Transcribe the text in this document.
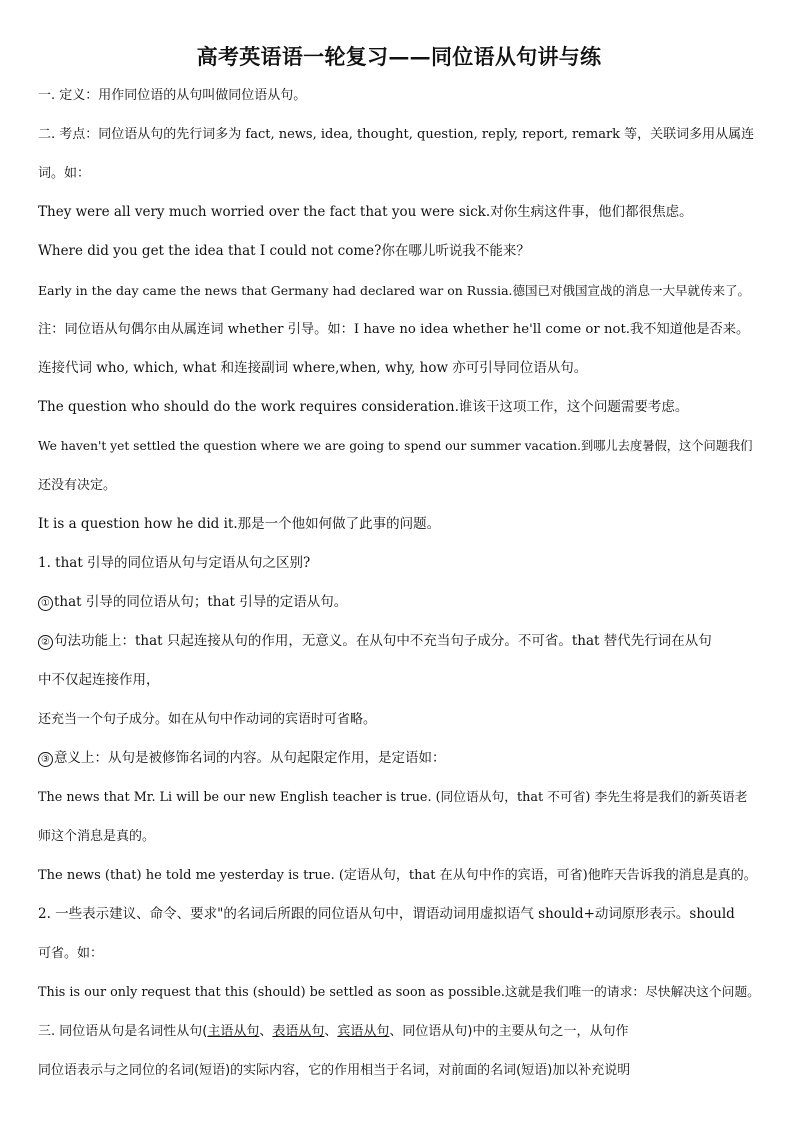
高考英语语一轮复习——同位语从句讲与练

一. 定义：用作同位语的从句叫做同位语从句。

二. 考点：同位语从句的先行词多为 fact, news, idea, thought, question, reply, report, remark 等，关联词多用从属连

词。如：

They were all very much worried over the fact that you were sick.对你生病这件事，他们都很焦虑。

Where did you get the idea that I could not come?你在哪儿听说我不能来？

Early in the day came the news that Germany had declared war on Russia.德国已对俄国宣战的消息一大早就传来了。

注：同位语从句偶尔由从属连词 whether 引导。如：I have no idea whether he'll come or not.我不知道他是否来。

连接代词 who, which, what 和连接副词 where,when, why, how 亦可引导同位语从句。

The question who should do the work requires consideration.谁该干这项工作，这个问题需要考虑。

We haven't yet settled the question where we are going to spend our summer vacation.到哪儿去度暑假，这个问题我们

还没有决定。

It is a question how he did it.那是一个他如何做了此事的问题。

1. that 引导的同位语从句与定语从句之区别?

① that 引导的同位语从句；that 引导的定语从句。

② 句法功能上：that 只起连接从句的作用，无意义。在从句中不充当句子成分。不可省。that 替代先行词在从句

中不仅起连接作用，

还充当一个句子成分。如在从句中作动词的宾语时可省略。

③ 意义上：从句是被修饰名词的内容。从句起限定作用，是定语如：

The news that Mr. Li will be our new English teacher is true. (同位语从句，that 不可省) 李先生将是我们的新英语老

师这个消息是真的。

The news (that) he told me yesterday is true. (定语从句，that 在从句中作的宾语，可省)他昨天告诉我的消息是真的。

2. 一些表示建议、命令、要求"的名词后所跟的同位语从句中，谓语动词用虚拟语气 should+动词原形表示。should

可省。如：

This is our only request that this (should) be settled as soon as possible.这就是我们唯一的请求：尽快解决这个问题。

三. 同位语从句是名词性从句(主语从句、表语从句、宾语从句、同位语从句)中的主要从句之一，从句作

同位语表示与之同位的名词(短语)的实际内容，它的作用相当于名词，对前面的名词(短语)加以补充说明
